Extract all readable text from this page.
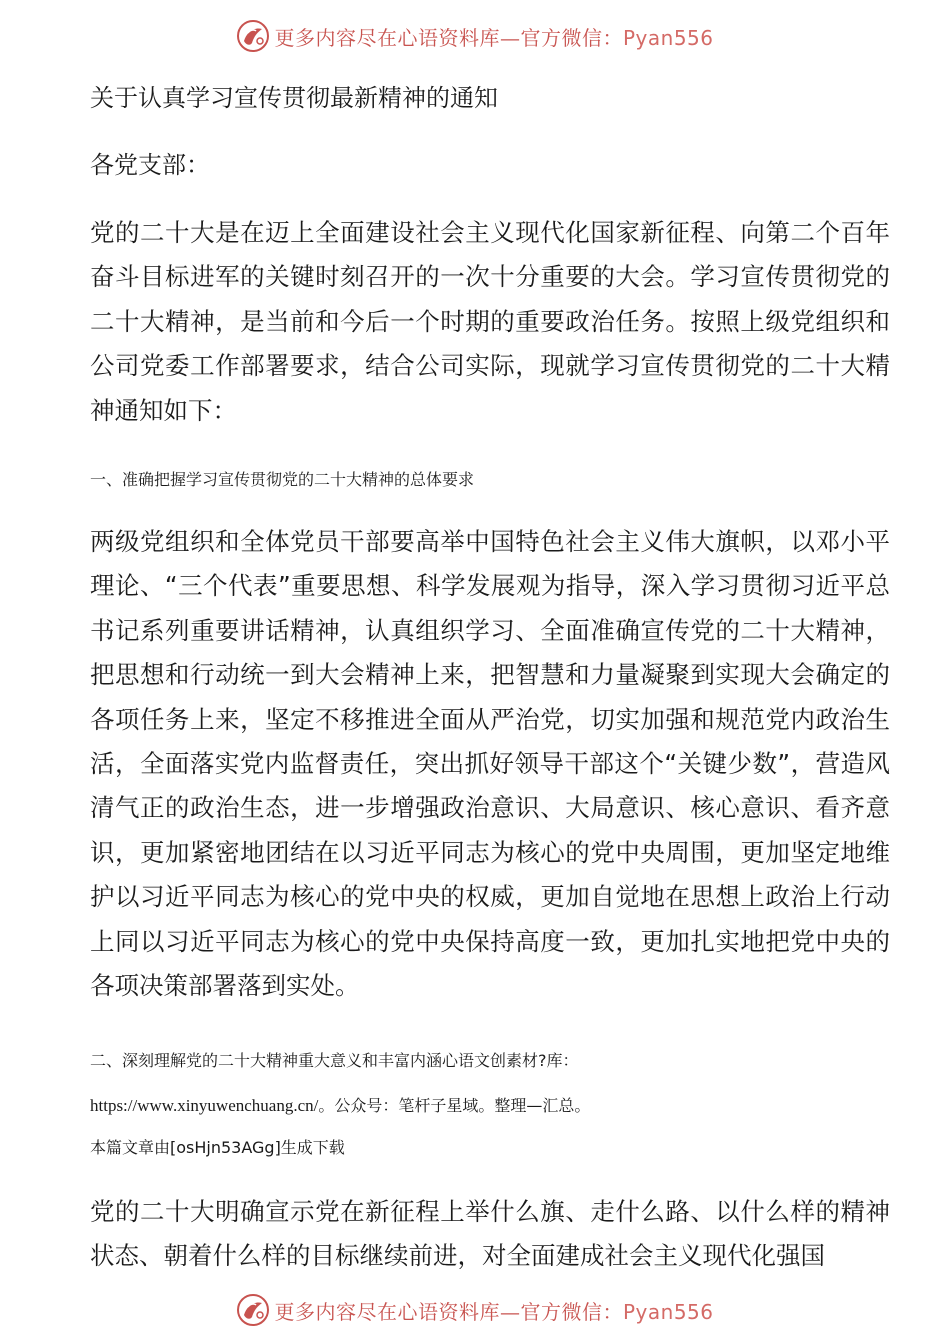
更多内容尽在心语资料库—官方微信：Pyan556
关于认真学习宣传贯彻最新精神的通知
各党支部：
党的二十大是在迈上全面建设社会主义现代化国家新征程、向第二个百年奋斗目标进军的关键时刻召开的一次十分重要的大会。学习宣传贯彻党的二十大精神，是当前和今后一个时期的重要政治任务。按照上级党组织和公司党委工作部署要求，结合公司实际，现就学习宣传贯彻党的二十大精神通知如下：
一、准确把握学习宣传贯彻党的二十大精神的总体要求
两级党组织和全体党员干部要高举中国特色社会主义伟大旗帜，以邓小平理论、“三个代表”重要思想、科学发展观为指导，深入学习贯彻习近平总书记系列重要讲话精神，认真组织学习、全面准确宣传党的二十大精神，把思想和行动统一到大会精神上来，把智慧和力量凝聚到实现大会确定的各项任务上来，坚定不移推进全面从严治党，切实加强和规范党内政治生活，全面落实党内监督责任，突出抓好领导干部这个“关键少数”，营造风清气正的政治生态，进一步增强政治意识、大局意识、核心意识、看齐意识，更加紧密地团结在以习近平同志为核心的党中央周围，更加坚定地维护以习近平同志为核心的党中央的权威，更加自觉地在思想上政治上行动上同以习近平同志为核心的党中央保持高度一致，更加扎实地把党中央的各项决策部署落到实处。
二、深刻理解党的二十大精神重大意义和丰富内涵心语文创素材?库：https://www.xinyuwenchuang.cn/。公众号：笔杆子星域。整理—汇总。
本篇文章由[osHjn53AGg]生成下载
党的二十大明确宣示党在新征程上举什么旗、走什么路、以什么样的精神状态、朝着什么样的目标继续前进，对全面建成社会主义现代化强国
更多内容尽在心语资料库—官方微信：Pyan556
